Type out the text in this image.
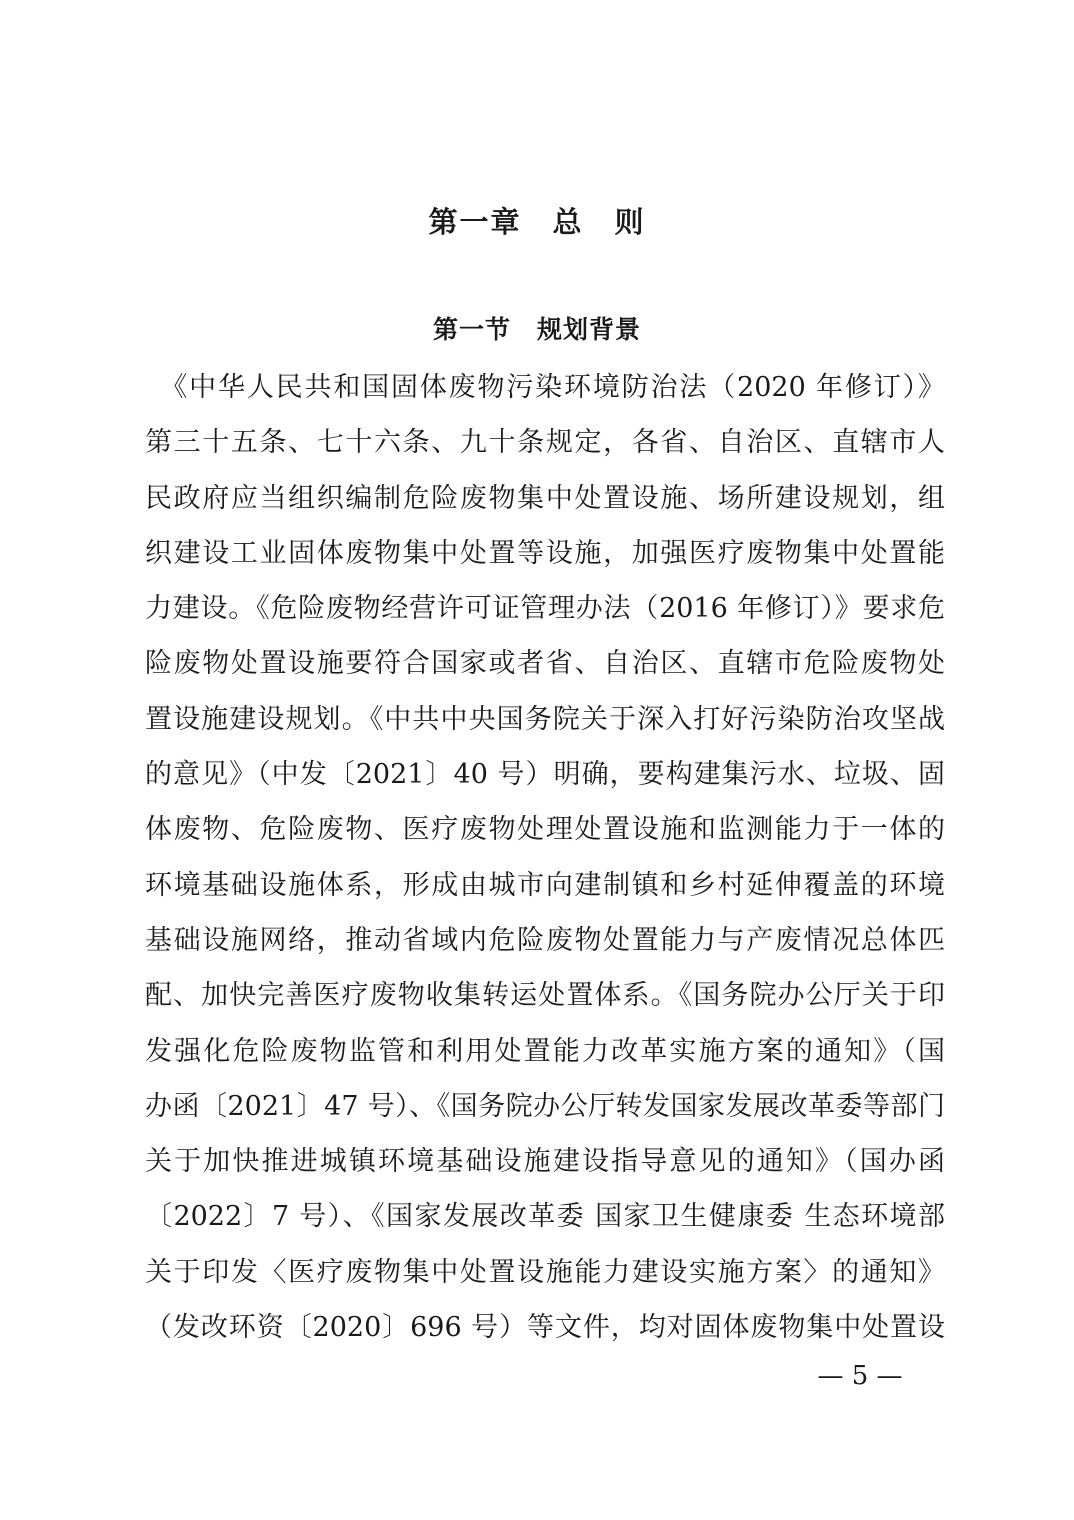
第一章　总　则
第一节　规划背景
　《中华人民共和国固体废物污染环境防治法（2020 年修订）》
第三十五条、七十六条、九十条规定，各省、自治区、直辖市人
民政府应当组织编制危险废物集中处置设施、场所建设规划，组
织建设工业固体废物集中处置等设施，加强医疗废物集中处置能
力建设。《危险废物经营许可证管理办法（2016 年修订）》要求危
险废物处置设施要符合国家或者省、自治区、直辖市危险废物处
置设施建设规划。《中共中央国务院关于深入打好污染防治攻坚战
的意见》（中发〔2021〕40 号）明确，要构建集污水、垃圾、固
体废物、危险废物、医疗废物处理处置设施和监测能力于一体的
环境基础设施体系，形成由城市向建制镇和乡村延伸覆盖的环境
基础设施网络，推动省域内危险废物处置能力与产废情况总体匹
配、加快完善医疗废物收集转运处置体系。《国务院办公厅关于印
发强化危险废物监管和利用处置能力改革实施方案的通知》（国
办函〔2021〕47 号）、《国务院办公厅转发国家发展改革委等部门
关于加快推进城镇环境基础设施建设指导意见的通知》（国办函
〔2022〕7 号）、《国家发展改革委 国家卫生健康委 生态环境部
关于印发〈医疗废物集中处置设施能力建设实施方案〉的通知》
（发改环资〔2020〕696 号）等文件，均对固体废物集中处置设
— 5 —
